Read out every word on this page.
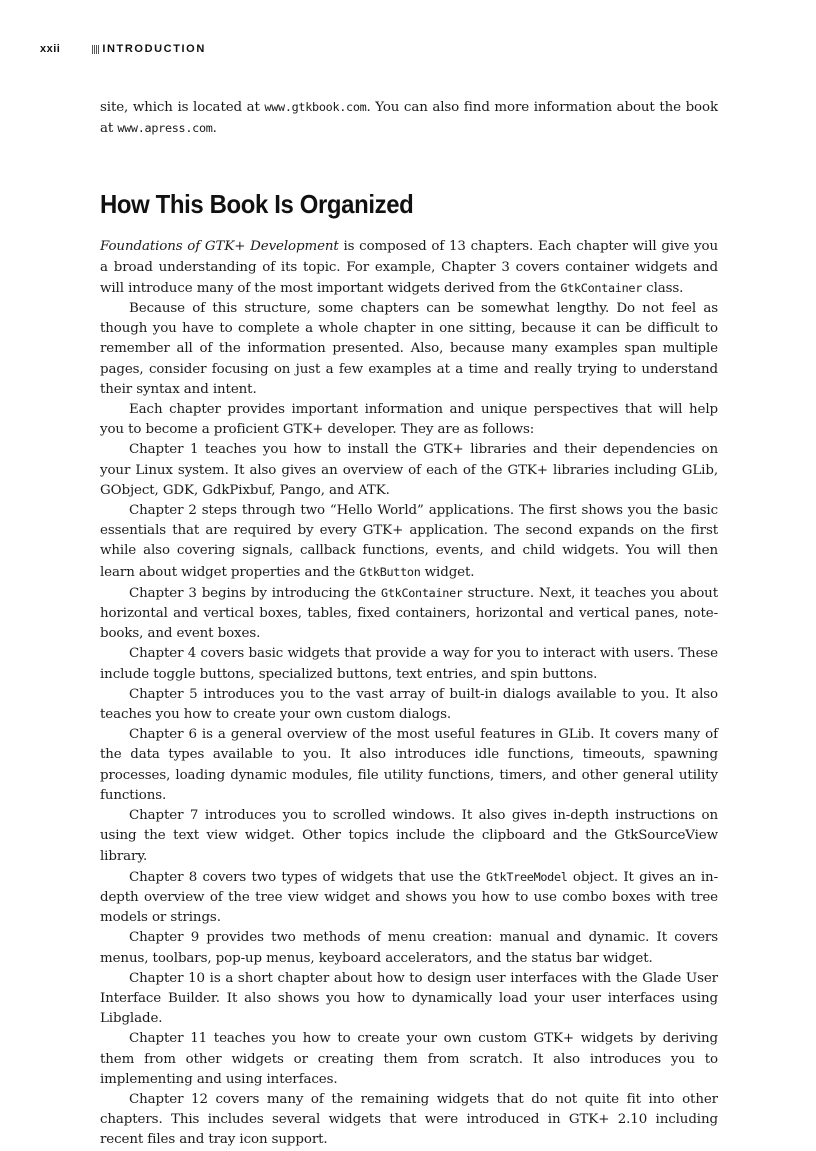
xxii	INTRODUCTION

site, which is located at www.gtkbook.com. You can also find more information about the book at www.apress.com.

How This Book Is Organized

Foundations of GTK+ Development is composed of 13 chapters. Each chapter will give you a broad understanding of its topic. For example, Chapter 3 covers container widgets and will introduce many of the most important widgets derived from the GtkContainer class.

Because of this structure, some chapters can be somewhat lengthy. Do not feel as though you have to complete a whole chapter in one sitting, because it can be difficult to remember all of the information presented. Also, because many examples span multiple pages, consider focusing on just a few examples at a time and really trying to understand their syntax and intent.

Each chapter provides important information and unique perspectives that will help you to become a proficient GTK+ developer. They are as follows:

Chapter 1 teaches you how to install the GTK+ libraries and their dependencies on your Linux system. It also gives an overview of each of the GTK+ libraries including GLib, GObject, GDK, GdkPixbuf, Pango, and ATK.

Chapter 2 steps through two “Hello World” applications. The first shows you the basic essentials that are required by every GTK+ application. The second expands on the first while also covering signals, callback functions, events, and child widgets. You will then learn about widget properties and the GtkButton widget.

Chapter 3 begins by introducing the GtkContainer structure. Next, it teaches you about horizontal and vertical boxes, tables, fixed containers, horizontal and vertical panes, note-books, and event boxes.

Chapter 4 covers basic widgets that provide a way for you to interact with users. These include toggle buttons, specialized buttons, text entries, and spin buttons.

Chapter 5 introduces you to the vast array of built-in dialogs available to you. It also teaches you how to create your own custom dialogs.

Chapter 6 is a general overview of the most useful features in GLib. It covers many of the data types available to you. It also introduces idle functions, timeouts, spawning processes, loading dynamic modules, file utility functions, timers, and other general utility functions.

Chapter 7 introduces you to scrolled windows. It also gives in-depth instructions on using the text view widget. Other topics include the clipboard and the GtkSourceView library.

Chapter 8 covers two types of widgets that use the GtkTreeModel object. It gives an in-depth overview of the tree view widget and shows you how to use combo boxes with tree models or strings.

Chapter 9 provides two methods of menu creation: manual and dynamic. It covers menus, toolbars, pop-up menus, keyboard accelerators, and the status bar widget.

Chapter 10 is a short chapter about how to design user interfaces with the Glade User Interface Builder. It also shows you how to dynamically load your user interfaces using Libglade.

Chapter 11 teaches you how to create your own custom GTK+ widgets by deriving them from other widgets or creating them from scratch. It also introduces you to implementing and using interfaces.

Chapter 12 covers many of the remaining widgets that do not quite fit into other chapters. This includes several widgets that were introduced in GTK+ 2.10 including recent files and tray icon support.
